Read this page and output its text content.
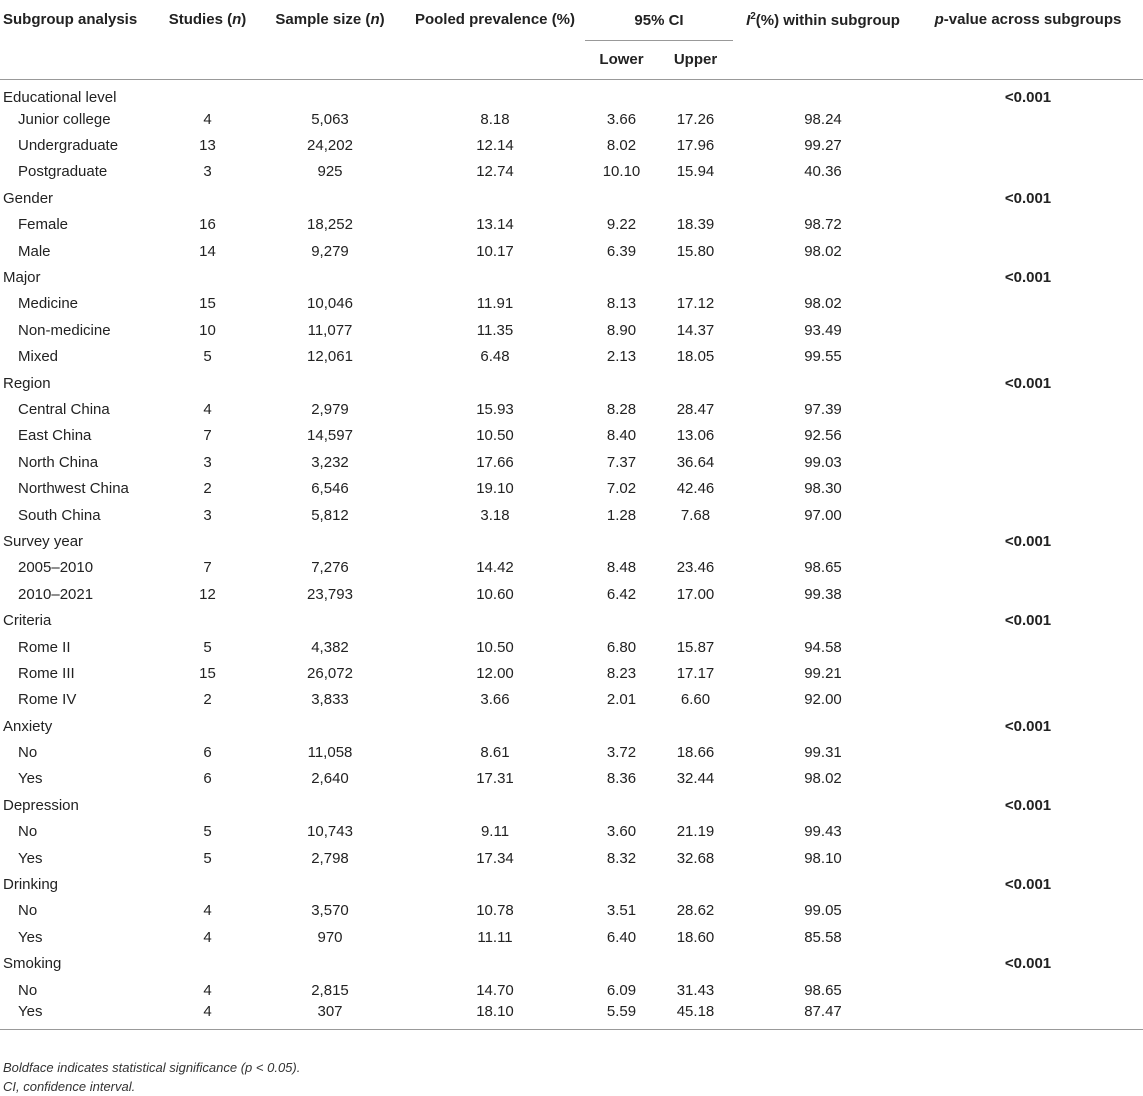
Subgroup analysis	Studies (n)	Sample size (n)	Pooled prevalence (%)	95% CI		$I^2(\%)$ within subgroup	p-value across subgroups
				Lower	Upper		

Educational level							<0.001
Junior college	4	5,063	8.18	3.66	17.26	98.24	
Undergraduate	13	24,202	12.14	8.02	17.96	99.27	
Postgraduate	3	925	12.74	10.10	15.94	40.36	
Gender							<0.001
Female	16	18,252	13.14	9.22	18.39	98.72	
Male	14	9,279	10.17	6.39	15.80	98.02	
Major							<0.001
Medicine	15	10,046	11.91	8.13	17.12	98.02	
Non-medicine	10	11,077	11.35	8.90	14.37	93.49	
Mixed	5	12,061	6.48	2.13	18.05	99.55	
Region							<0.001
Central China	4	2,979	15.93	8.28	28.47	97.39	
East China	7	14,597	10.50	8.40	13.06	92.56	
North China	3	3,232	17.66	7.37	36.64	99.03	
Northwest China	2	6,546	19.10	7.02	42.46	98.30	
South China	3	5,812	3.18	1.28	7.68	97.00	
Survey year							<0.001
2005–2010	7	7,276	14.42	8.48	23.46	98.65	
2010–2021	12	23,793	10.60	6.42	17.00	99.38	
Criteria							<0.001
Rome II	5	4,382	10.50	6.80	15.87	94.58	
Rome III	15	26,072	12.00	8.23	17.17	99.21	
Rome IV	2	3,833	3.66	2.01	6.60	92.00	
Anxiety							<0.001
No	6	11,058	8.61	3.72	18.66	99.31	
Yes	6	2,640	17.31	8.36	32.44	98.02	
Depression							<0.001
No	5	10,743	9.11	3.60	21.19	99.43	
Yes	5	2,798	17.34	8.32	32.68	98.10	
Drinking							<0.001
No	4	3,570	10.78	3.51	28.62	99.05	
Yes	4	970	11.11	6.40	18.60	85.58	
Smoking							<0.001
No	4	2,815	14.70	6.09	31.43	98.65	
Yes	4	307	18.10	5.59	45.18	87.47	
Boldface indicates statistical significance (p < 0.05).
CI, confidence interval.
